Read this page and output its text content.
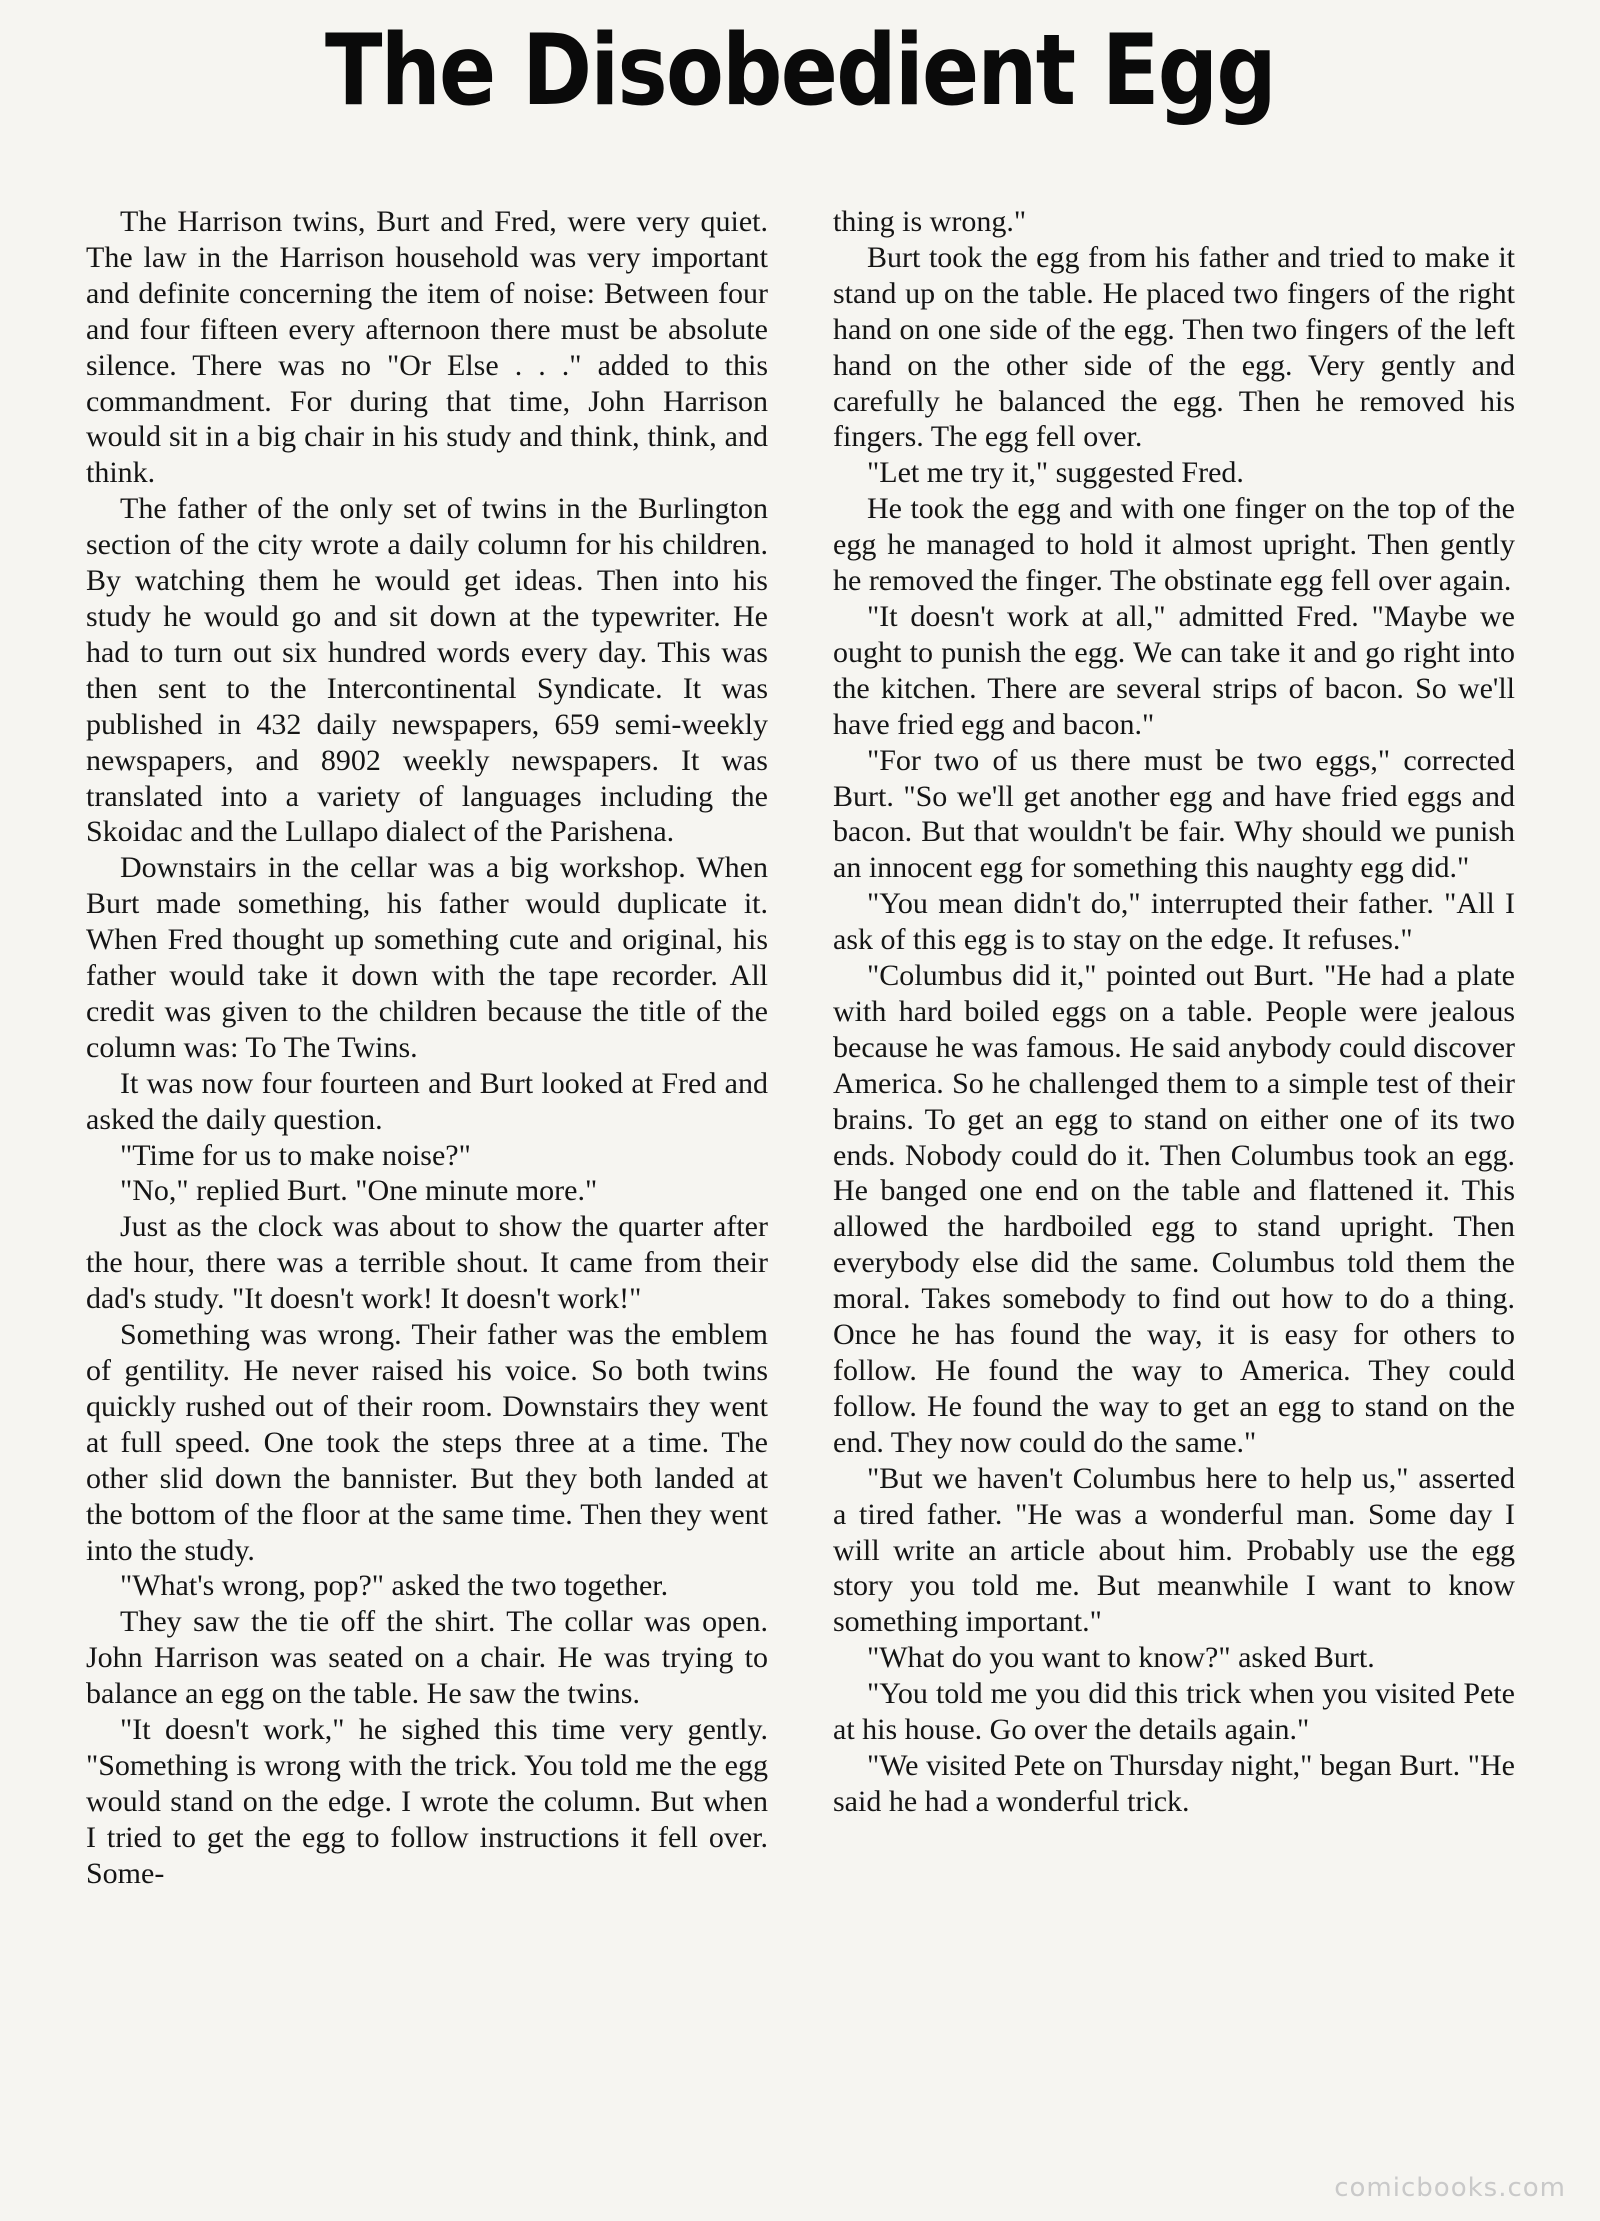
The Disobedient Egg

The Harrison twins, Burt and Fred, were very quiet. The law in the Harrison household was very important and definite concerning the item of noise: Between four and four fifteen every afternoon there must be absolute silence. There was no "Or Else . . ." added to this commandment. For during that time, John Harrison would sit in a big chair in his study and think, think, and think.

The father of the only set of twins in the Burlington section of the city wrote a daily column for his children. By watching them he would get ideas. Then into his study he would go and sit down at the typewriter. He had to turn out six hundred words every day. This was then sent to the Intercontinental Syndicate. It was published in 432 daily newspapers, 659 semi-weekly newspapers, and 8902 weekly newspapers. It was translated into a variety of languages including the Skoidac and the Lullapo dialect of the Parishena.

Downstairs in the cellar was a big workshop. When Burt made something, his father would duplicate it. When Fred thought up something cute and original, his father would take it down with the tape recorder. All credit was given to the children because the title of the column was: To The Twins.

It was now four fourteen and Burt looked at Fred and asked the daily question.

"Time for us to make noise?"

"No," replied Burt. "One minute more."

Just as the clock was about to show the quarter after the hour, there was a terrible shout. It came from their dad's study. "It doesn't work! It doesn't work!"

Something was wrong. Their father was the emblem of gentility. He never raised his voice. So both twins quickly rushed out of their room. Downstairs they went at full speed. One took the steps three at a time. The other slid down the bannister. But they both landed at the bottom of the floor at the same time. Then they went into the study.

"What's wrong, pop?" asked the two together.

They saw the tie off the shirt. The collar was open. John Harrison was seated on a chair. He was trying to balance an egg on the table. He saw the twins.

"It doesn't work," he sighed this time very gently. "Something is wrong with the trick. You told me the egg would stand on the edge. I wrote the column. But when I tried to get the egg to follow instructions it fell over. Some-

thing is wrong."

Burt took the egg from his father and tried to make it stand up on the table. He placed two fingers of the right hand on one side of the egg. Then two fingers of the left hand on the other side of the egg. Very gently and carefully he balanced the egg. Then he removed his fingers. The egg fell over.

"Let me try it," suggested Fred.

He took the egg and with one finger on the top of the egg he managed to hold it almost upright. Then gently he removed the finger. The obstinate egg fell over again.

"It doesn't work at all," admitted Fred. "Maybe we ought to punish the egg. We can take it and go right into the kitchen. There are several strips of bacon. So we'll have fried egg and bacon."

"For two of us there must be two eggs," corrected Burt. "So we'll get another egg and have fried eggs and bacon. But that wouldn't be fair. Why should we punish an innocent egg for something this naughty egg did."

"You mean didn't do," interrupted their father. "All I ask of this egg is to stay on the edge. It refuses."

"Columbus did it," pointed out Burt. "He had a plate with hard boiled eggs on a table. People were jealous because he was famous. He said anybody could discover America. So he challenged them to a simple test of their brains. To get an egg to stand on either one of its two ends. Nobody could do it. Then Columbus took an egg. He banged one end on the table and flattened it. This allowed the hardboiled egg to stand upright. Then everybody else did the same. Columbus told them the moral. Takes somebody to find out how to do a thing. Once he has found the way, it is easy for others to follow. He found the way to America. They could follow. He found the way to get an egg to stand on the end. They now could do the same."

"But we haven't Columbus here to help us," asserted a tired father. "He was a wonderful man. Some day I will write an article about him. Probably use the egg story you told me. But meanwhile I want to know something important."

"What do you want to know?" asked Burt.

"You told me you did this trick when you visited Pete at his house. Go over the details again."

"We visited Pete on Thursday night," began Burt. "He said he had a wonderful trick.

comicbooks.com
